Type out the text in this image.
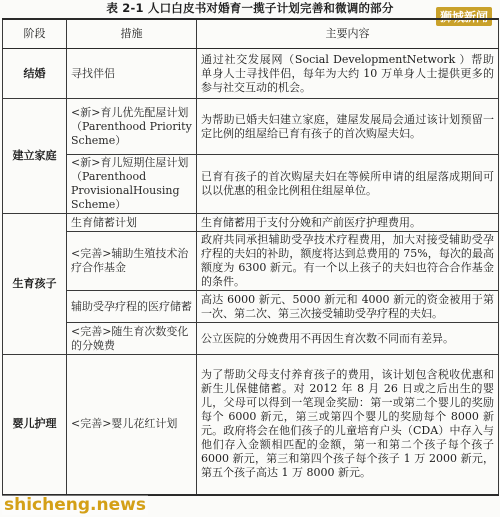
表 2-1 人口白皮书对婚育一揽子计划完善和微调的部分
狮城新闻
阶段	措施	主要内容
结婚	寻找伴侣	通过社交发展网（Social DevelopmentNetwork ）帮助单身人士寻找伴侣，每年为大约 10 万单身人士提供更多的参与社交互动的机会。
建立家庭	<新>育儿优先配屋计划（Parenthood Priority Scheme）	为帮助已婚夫妇建立家庭，建屋发展局会通过该计划预留一定比例的组屋给已育有孩子的首次购屋夫妇。
	<新>育儿短期住屋计划（Parenthood ProvisionalHousing Scheme）	已育有孩子的首次购屋夫妇在等候所申请的组屋落成期间可以以优惠的租金比例租住组屋单位。
生育孩子	生育储蓄计划	生育储蓄用于支付分娩和产前医疗护理费用。
	<完善>辅助生殖技术治疗合作基金	政府共同承担辅助受孕技术疗程费用，加大对接受辅助受孕疗程的夫妇的补助，额度将达到总费用的 75%，每次的最高额度为 6300 新元。有一个以上孩子的夫妇也符合合作基金的条件。
	辅助受孕疗程的医疗储蓄	高达 6000 新元、5000 新元和 4000 新元的资金被用于第一次、第二次、第三次接受辅助受孕疗程的夫妇。
	<完善>随生育次数变化的分娩费	公立医院的分娩费用不再因生育次数不同而有差异。
婴儿护理	<完善>婴儿花红计划	为了帮助父母支付养育孩子的费用，该计划包含税收优惠和新生儿保健储蓄。对 2012 年 8 月 26 日或之后出生的婴儿，父母可以得到一笔现金奖励：第一或第二个婴儿的奖励每个 6000 新元，第三或第四个婴儿的奖励每个 8000 新元。政府将会在他们孩子的儿童培育户头（CDA）中存入与他们存入金额相匹配的金额，第一和第二个孩子每个孩子 6000 新元，第三和第四个孩子每个孩子 1 万 2000 新元，第五个孩子高达 1 万 8000 新元。
shicheng.news
